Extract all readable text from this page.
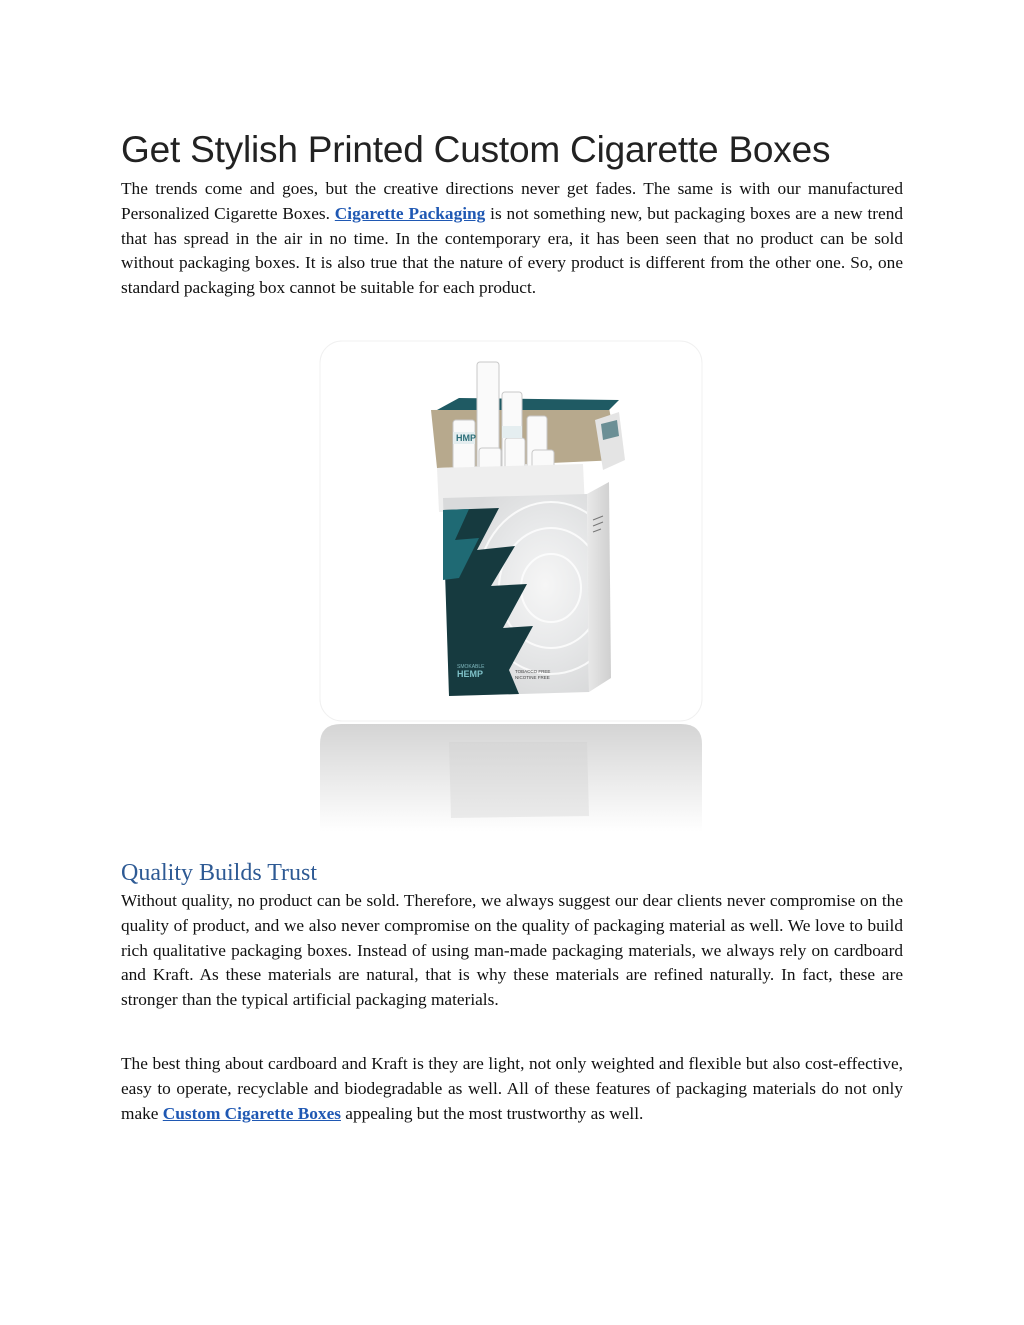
Get Stylish Printed Custom Cigarette Boxes

The trends come and goes, but the creative directions never get fades. The same is with our manufactured Personalized Cigarette Boxes. Cigarette Packaging is not something new, but packaging boxes are a new trend that has spread in the air in no time. In the contemporary era, it has been seen that no product can be sold without packaging boxes. It is also true that the nature of every product is different from the other one. So, one standard packaging box cannot be suitable for each product.

HMP
SMOKABLE
HEMP	TOBACCO FREE
NICOTINE FREE
Quality Builds Trust

Without quality, no product can be sold. Therefore, we always suggest our dear clients never compromise on the quality of product, and we also never compromise on the quality of packaging material as well. We love to build rich qualitative packaging boxes. Instead of using man-made packaging materials, we always rely on cardboard and Kraft. As these materials are natural, that is why these materials are refined naturally. In fact, these are stronger than the typical artificial packaging materials.

The best thing about cardboard and Kraft is they are light, not only weighted and flexible but also cost-effective, easy to operate, recyclable and biodegradable as well. All of these features of packaging materials do not only make Custom Cigarette Boxes appealing but the most trustworthy as well.
